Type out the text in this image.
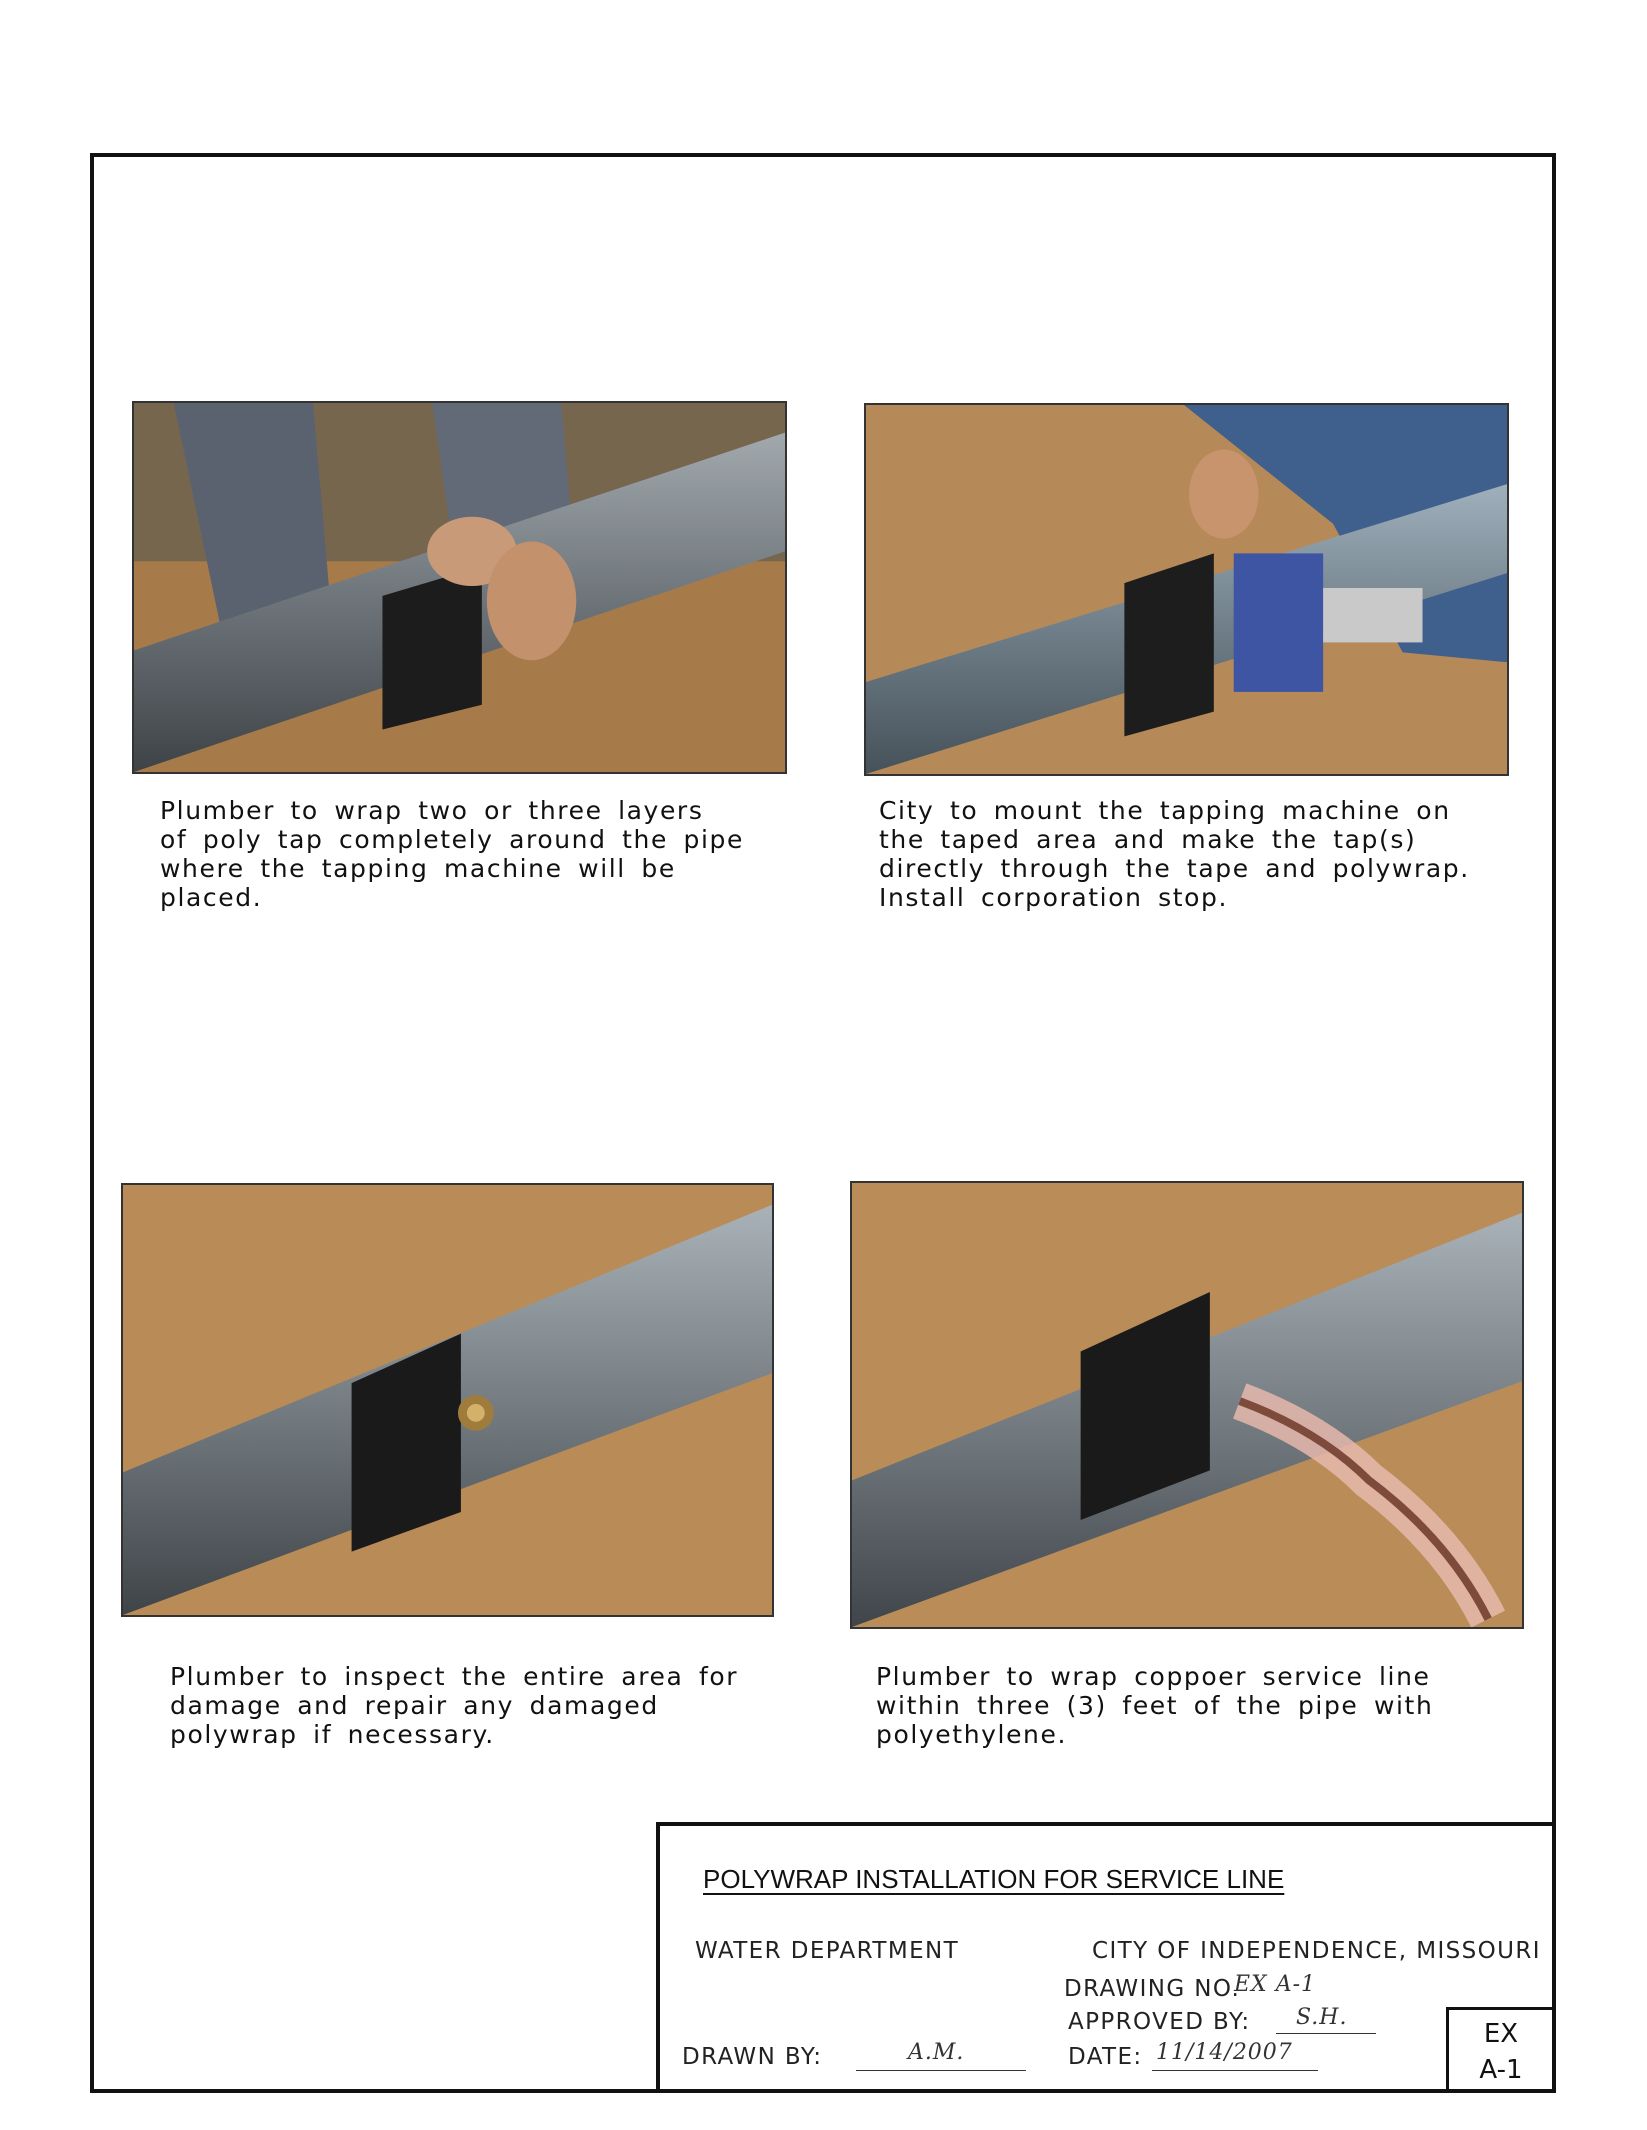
Plumber to wrap two or three layers
of poly tap completely around the pipe
where the tapping machine will be
placed.
City to mount the tapping machine on
the taped area and make the tap(s)
directly through the tape and polywrap.
Install corporation stop.
Plumber to inspect the entire area for
damage and repair any damaged
polywrap if necessary.
Plumber to wrap coppoer service line
within three (3) feet of the pipe with
polyethylene.
POLYWRAP INSTALLATION FOR SERVICE LINE
WATER DEPARTMENT	CITY OF INDEPENDENCE, MISSOURI
DRAWING NO.
EX A-1
APPROVED BY: S.H.
DRAWN BY:	A.M.	DATE: 11/14/2007
EX
A-1
